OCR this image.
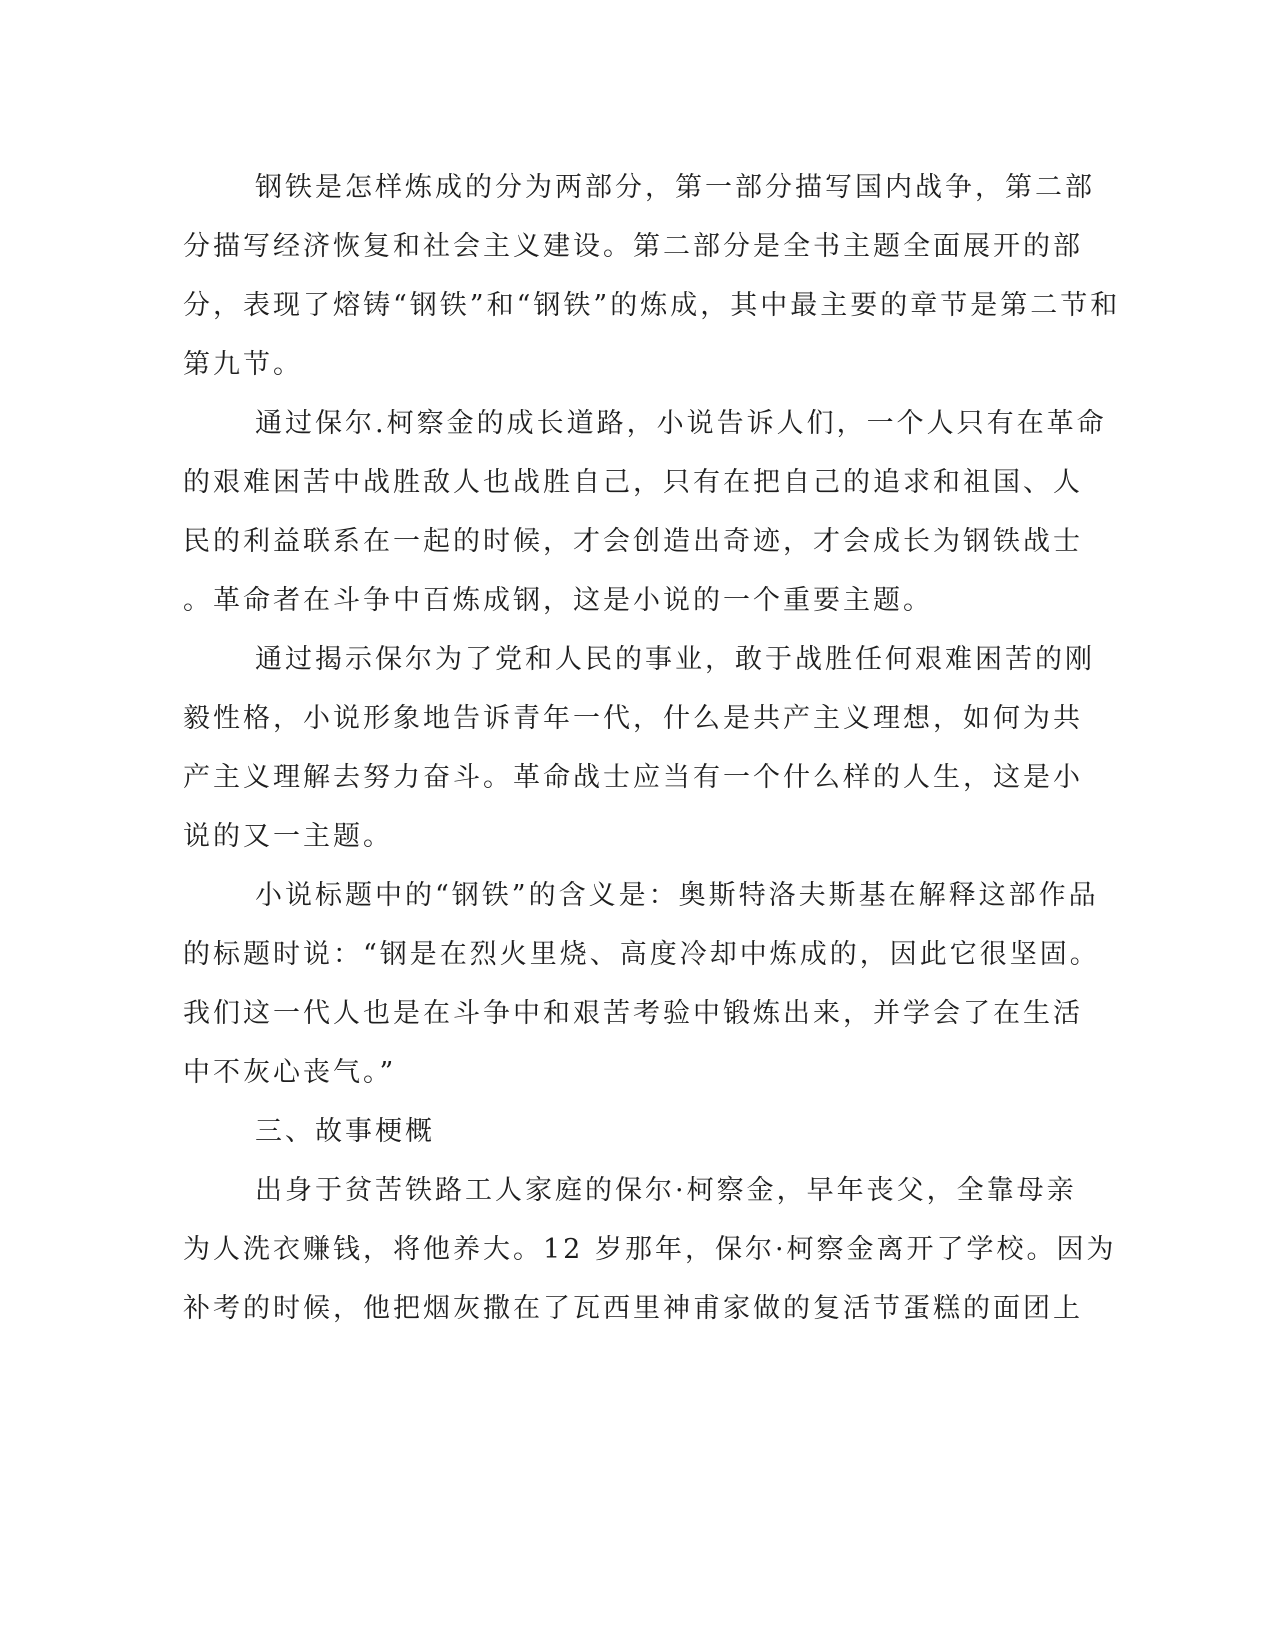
钢铁是怎样炼成的分为两部分，第一部分描写国内战争，第二部
分描写经济恢复和社会主义建设。第二部分是全书主题全面展开的部
分，表现了熔铸“钢铁”和“钢铁”的炼成，其中最主要的章节是第二节和
第九节。
通过保尔.柯察金的成长道路，小说告诉人们，一个人只有在革命
的艰难困苦中战胜敌人也战胜自己，只有在把自己的追求和祖国、人
民的利益联系在一起的时候，才会创造出奇迹，才会成长为钢铁战士
。革命者在斗争中百炼成钢，这是小说的一个重要主题。
通过揭示保尔为了党和人民的事业，敢于战胜任何艰难困苦的刚
毅性格，小说形象地告诉青年一代，什么是共产主义理想，如何为共
产主义理解去努力奋斗。革命战士应当有一个什么样的人生，这是小
说的又一主题。
小说标题中的“钢铁”的含义是：奥斯特洛夫斯基在解释这部作品
的标题时说：“钢是在烈火里烧、高度冷却中炼成的，因此它很坚固。
我们这一代人也是在斗争中和艰苦考验中锻炼出来，并学会了在生活
中不灰心丧气。”
三、故事梗概
出身于贫苦铁路工人家庭的保尔·柯察金，早年丧父，全靠母亲
为人洗衣赚钱，将他养大。12 岁那年，保尔·柯察金离开了学校。因为
补考的时候，他把烟灰撒在了瓦西里神甫家做的复活节蛋糕的面团上
